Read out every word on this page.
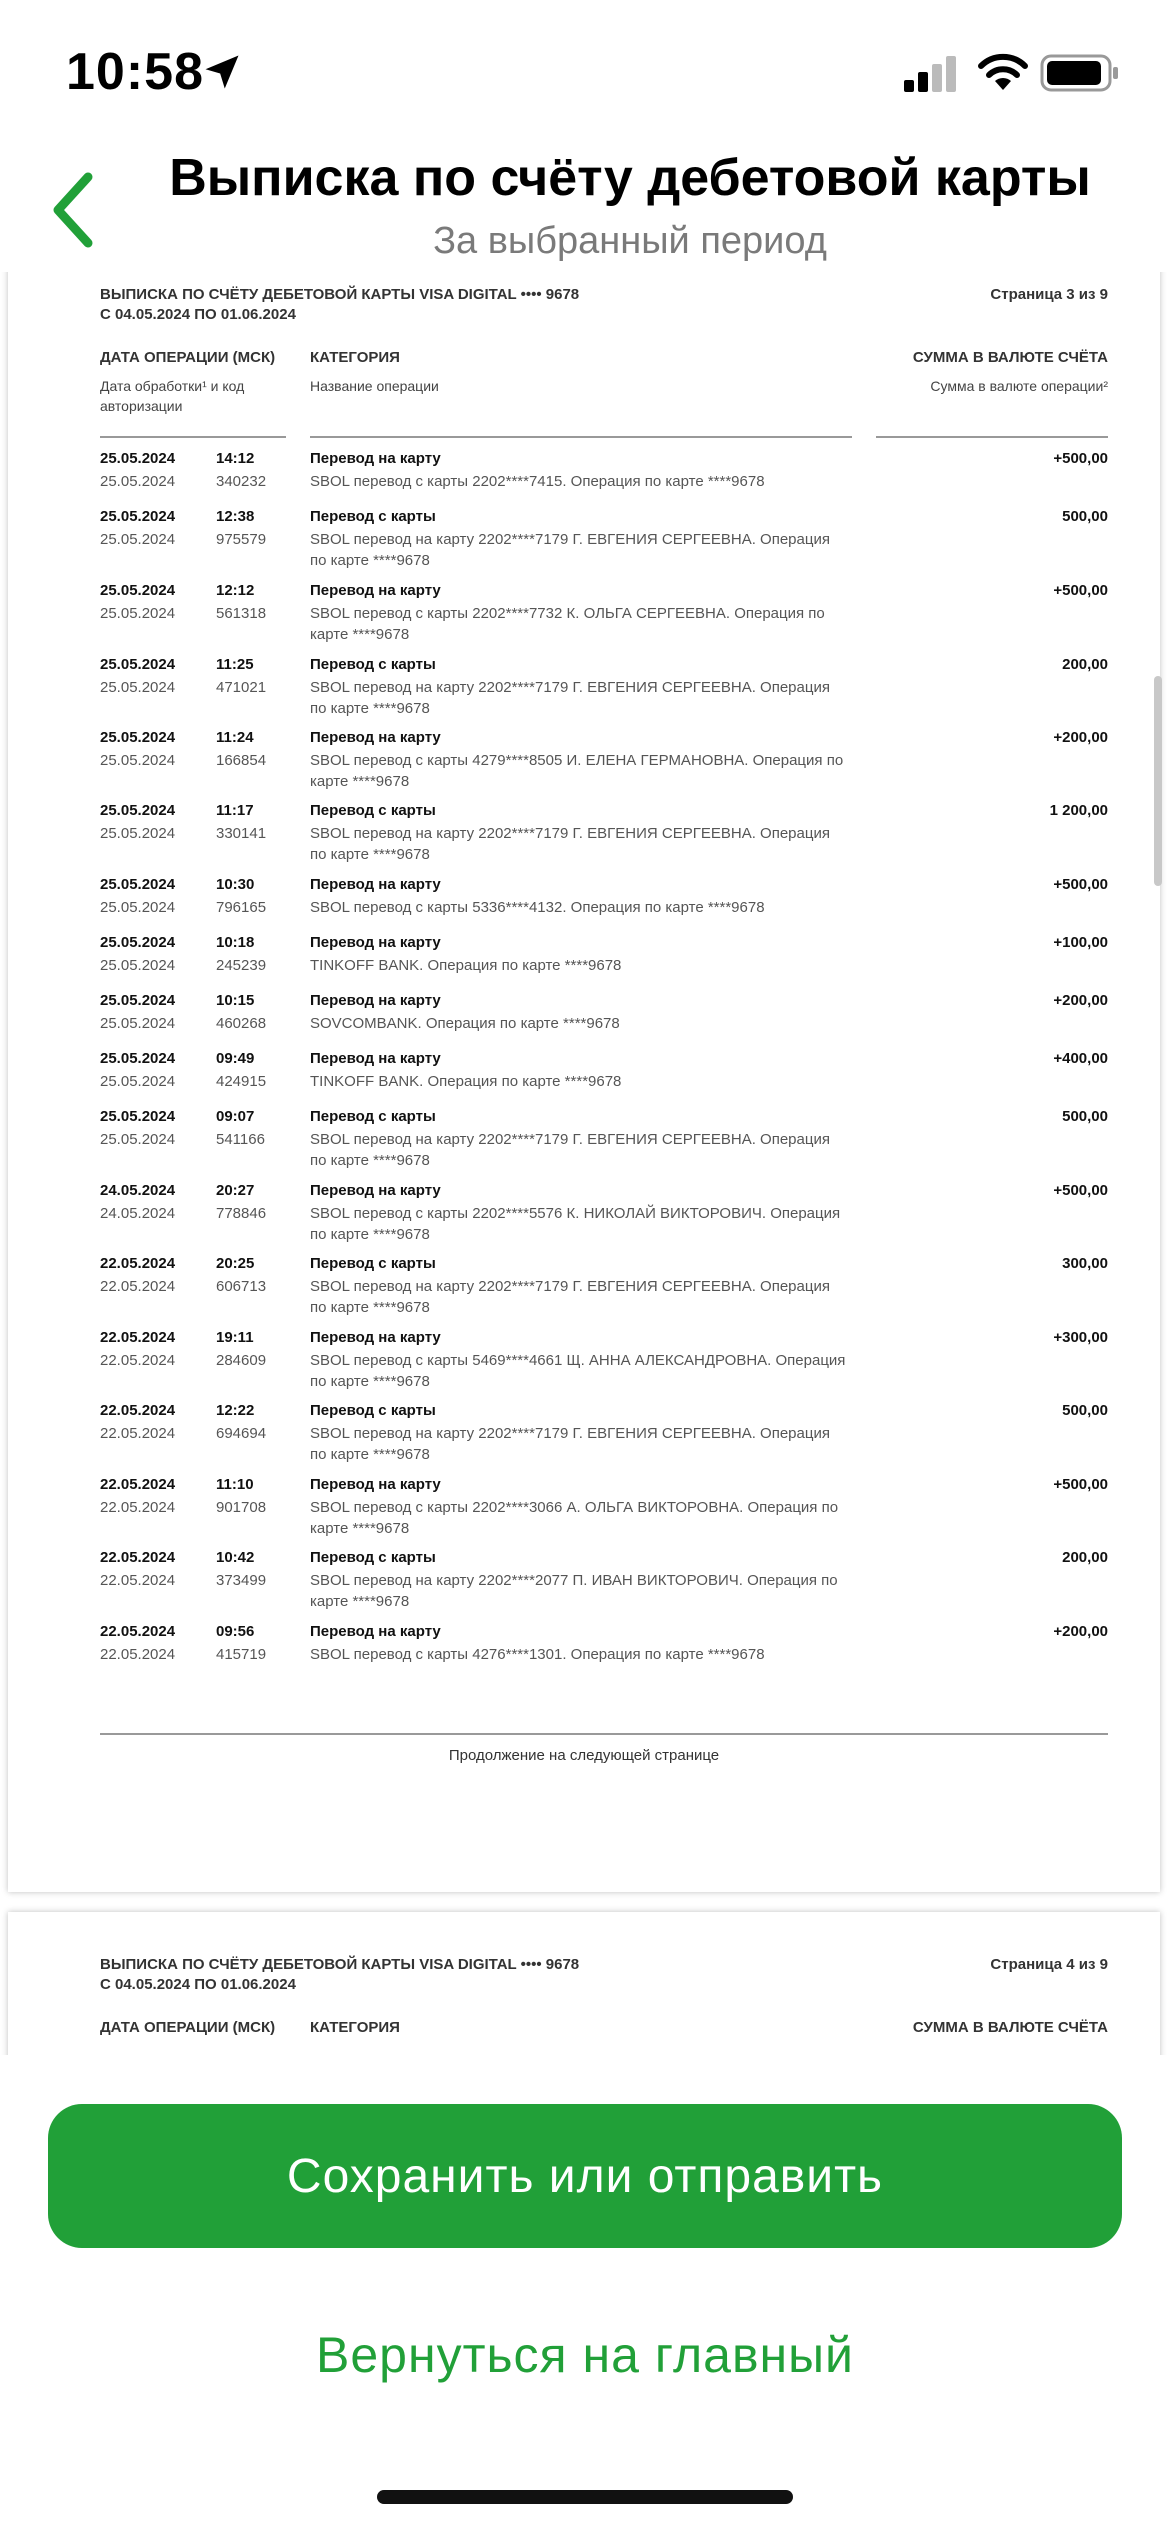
10:58
Выписка по счёту дебетовой карты
За выбранный период
ВЫПИСКА ПО СЧЁТУ ДЕБЕТОВОЙ КАРТЫ VISA DIGITAL •••• 9678
С 04.05.2024 ПО 01.06.2024
Страница 3 из 9
ДАТА ОПЕРАЦИИ (МСК)
Дата обработки¹ и код авторизации
КАТЕГОРИЯ
Название операции
СУММА В ВАЛЮТЕ СЧЁТА
Сумма в валюте операции²
25.05.2024	14:12	Перевод на карту	+500,00
25.05.2024	340232	SBOL перевод с карты 2202****7415. Операция по карте ****9678
25.05.2024	12:38	Перевод с карты	500,00
25.05.2024	975579	SBOL перевод на карту 2202****7179 Г. ЕВГЕНИЯ СЕРГЕЕВНА. Операция по карте ****9678
25.05.2024	12:12	Перевод на карту	+500,00
25.05.2024	561318	SBOL перевод с карты 2202****7732 К. ОЛЬГА СЕРГЕЕВНА. Операция по карте ****9678
25.05.2024	11:25	Перевод с карты	200,00
25.05.2024	471021	SBOL перевод на карту 2202****7179 Г. ЕВГЕНИЯ СЕРГЕЕВНА. Операция по карте ****9678
25.05.2024	11:24	Перевод на карту	+200,00
25.05.2024	166854	SBOL перевод с карты 4279****8505 И. ЕЛЕНА ГЕРМАНОВНА. Операция по карте ****9678
25.05.2024	11:17	Перевод с карты	1 200,00
25.05.2024	330141	SBOL перевод на карту 2202****7179 Г. ЕВГЕНИЯ СЕРГЕЕВНА. Операция по карте ****9678
25.05.2024	10:30	Перевод на карту	+500,00
25.05.2024	796165	SBOL перевод с карты 5336****4132. Операция по карте ****9678
25.05.2024	10:18	Перевод на карту	+100,00
25.05.2024	245239	TINKOFF BANK. Операция по карте ****9678
25.05.2024	10:15	Перевод на карту	+200,00
25.05.2024	460268	SOVCOMBANK. Операция по карте ****9678
25.05.2024	09:49	Перевод на карту	+400,00
25.05.2024	424915	TINKOFF BANK. Операция по карте ****9678
25.05.2024	09:07	Перевод с карты	500,00
25.05.2024	541166	SBOL перевод на карту 2202****7179 Г. ЕВГЕНИЯ СЕРГЕЕВНА. Операция по карте ****9678
24.05.2024	20:27	Перевод на карту	+500,00
24.05.2024	778846	SBOL перевод с карты 2202****5576 К. НИКОЛАЙ ВИКТОРОВИЧ. Операция по карте ****9678
22.05.2024	20:25	Перевод с карты	300,00
22.05.2024	606713	SBOL перевод на карту 2202****7179 Г. ЕВГЕНИЯ СЕРГЕЕВНА. Операция по карте ****9678
22.05.2024	19:11	Перевод на карту	+300,00
22.05.2024	284609	SBOL перевод с карты 5469****4661 Щ. АННА АЛЕКСАНДРОВНА. Операция по карте ****9678
22.05.2024	12:22	Перевод с карты	500,00
22.05.2024	694694	SBOL перевод на карту 2202****7179 Г. ЕВГЕНИЯ СЕРГЕЕВНА. Операция по карте ****9678
22.05.2024	11:10	Перевод на карту	+500,00
22.05.2024	901708	SBOL перевод с карты 2202****3066 А. ОЛЬГА ВИКТОРОВНА. Операция по карте ****9678
22.05.2024	10:42	Перевод с карты	200,00
22.05.2024	373499	SBOL перевод на карту 2202****2077 П. ИВАН ВИКТОРОВИЧ. Операция по карте ****9678
22.05.2024	09:56	Перевод на карту	+200,00
22.05.2024	415719	SBOL перевод с карты 4276****1301. Операция по карте ****9678
Продолжение на следующей странице
ВЫПИСКА ПО СЧЁТУ ДЕБЕТОВОЙ КАРТЫ VISA DIGITAL •••• 9678
С 04.05.2024 ПО 01.06.2024
Страница 4 из 9
ДАТА ОПЕРАЦИИ (МСК) КАТЕГОРИЯ	СУММА В ВАЛЮТЕ СЧЁТА
Сохранить или отправить
Вернуться на главный
